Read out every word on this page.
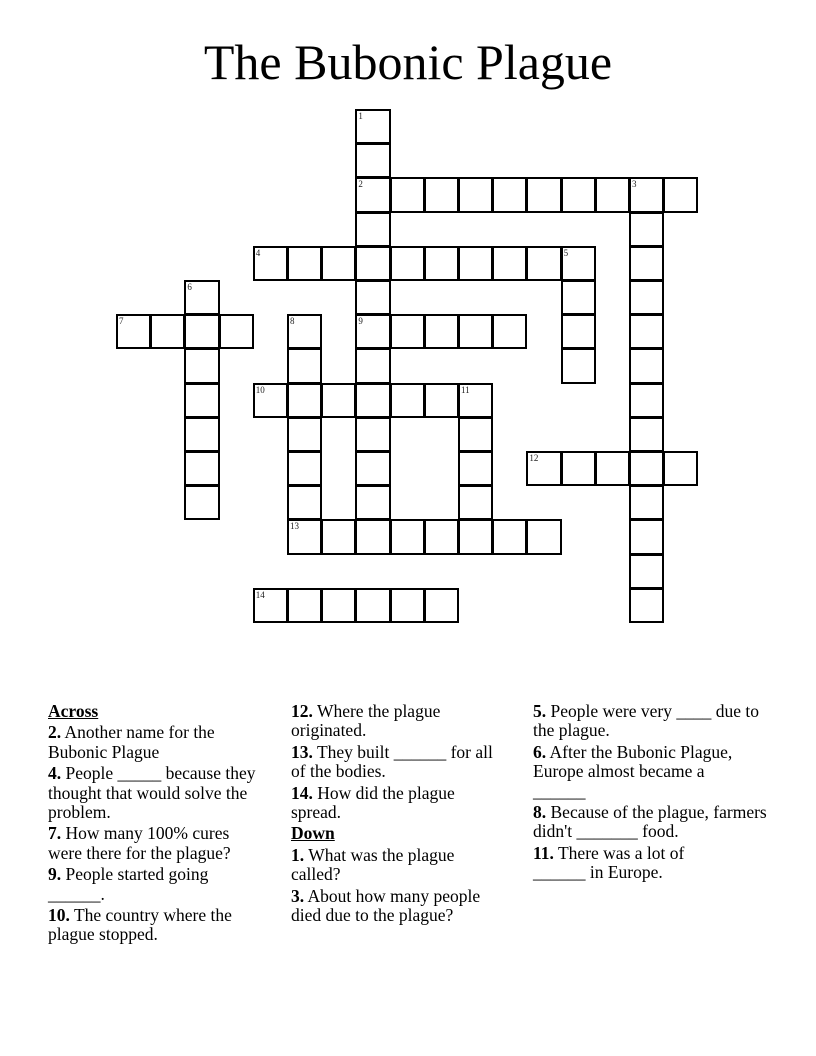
The Bubonic Plague
1
2
9
3
4	5
6
7	8
13
10	11
12
14
Across
2. Another name for the Bubonic Plague
4. People _____ because they thought that would solve the problem.
7. How many 100% cures were there for the plague?
9. People started going ______.
10. The country where the plague stopped.
12. Where the plague originated.
13. They built ______ for all of the bodies.
14. How did the plague spread.
Down
1. What was the plague called?
3. About how many people died due to the plague?
5. People were very ____ due to the plague.
6. After the Bubonic Plague, Europe almost became a ______
8. Because of the plague, farmers didn't _______ food.
11. There was a lot of ______ in Europe.
